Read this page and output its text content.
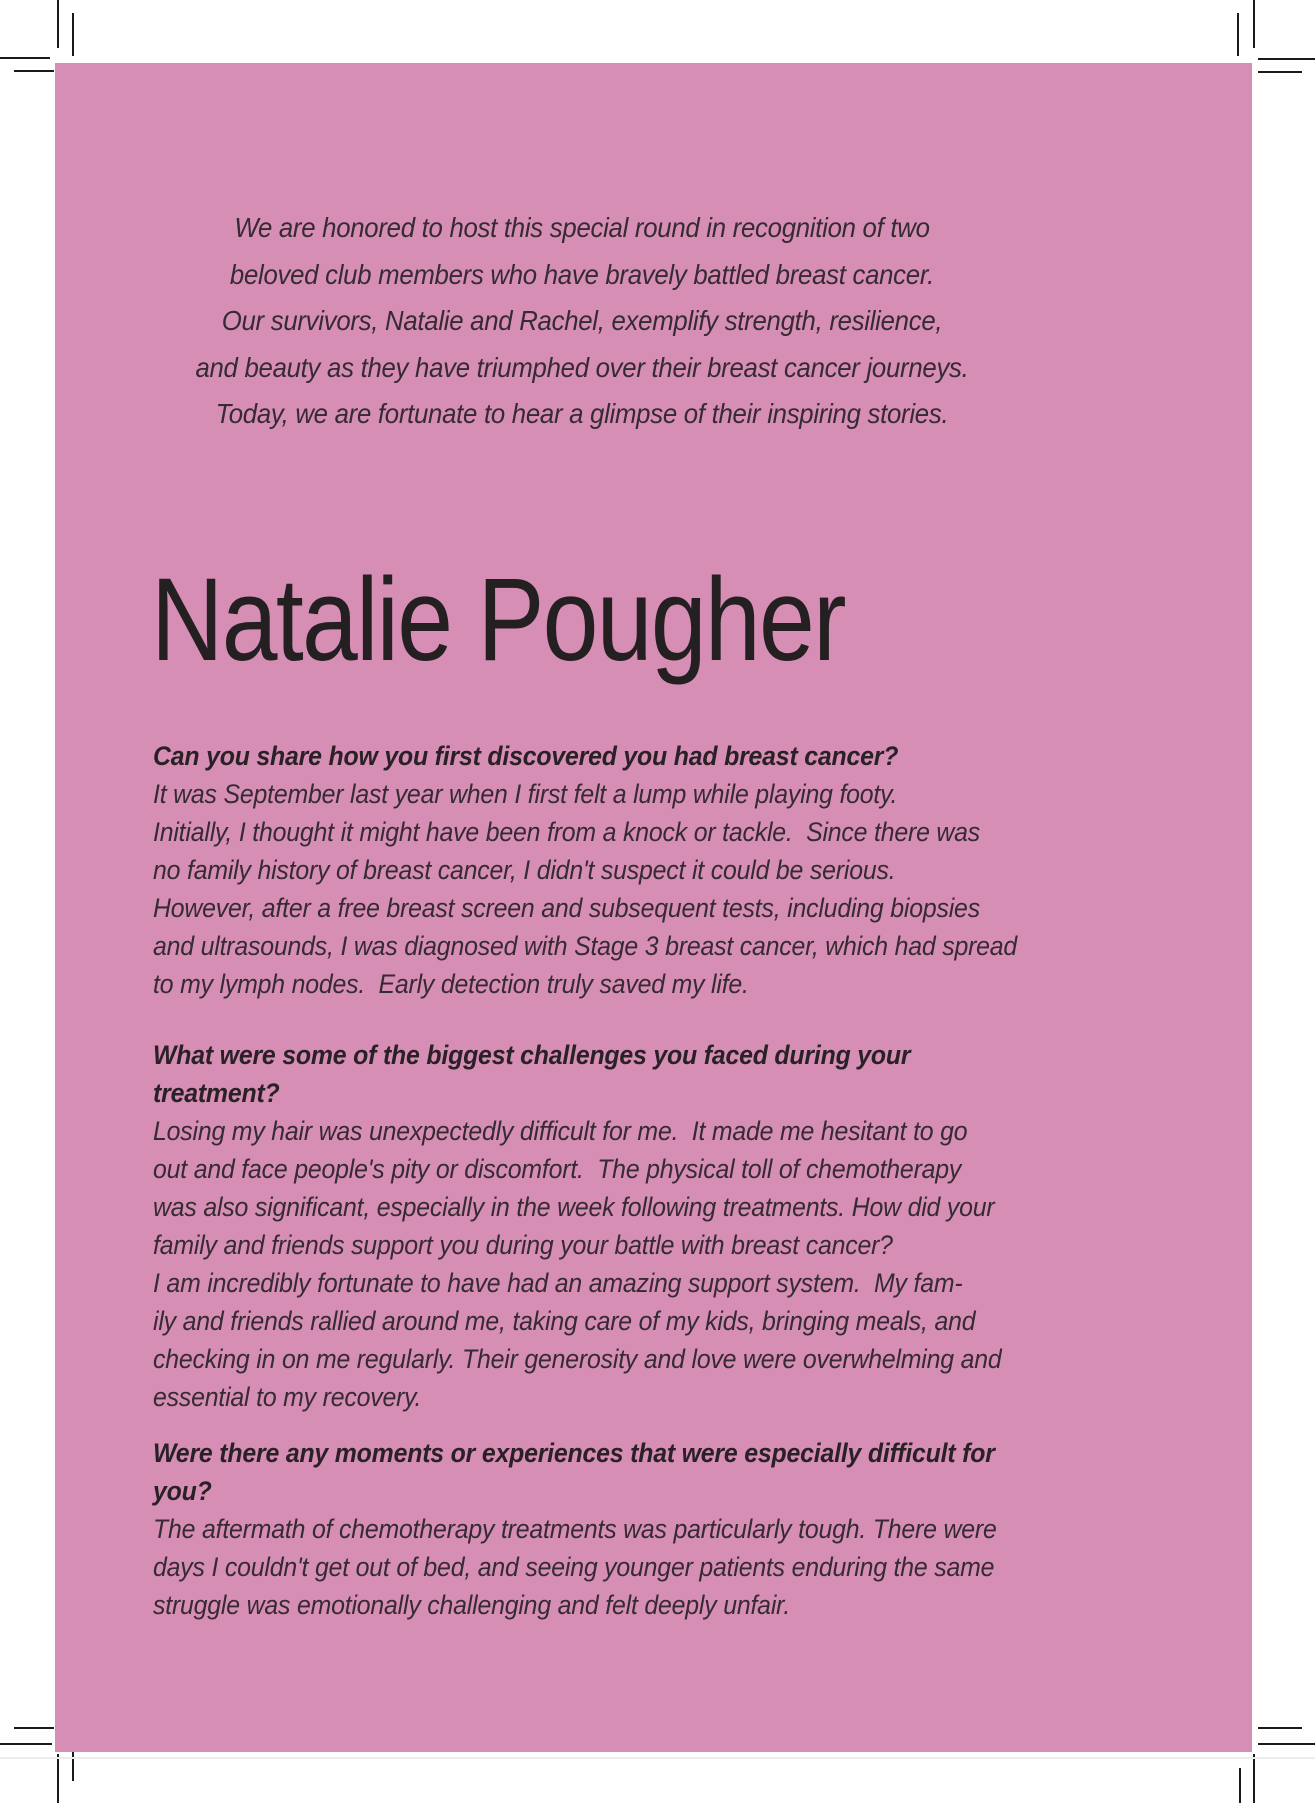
We are honored to host this special round in recognition of two
beloved club members who have bravely battled breast cancer.
Our survivors, Natalie and Rachel, exemplify strength, resilience,
and beauty as they have triumphed over their breast cancer journeys.
Today, we are fortunate to hear a glimpse of their inspiring stories.
Natalie Pougher
Can you share how you first discovered you had breast cancer?
It was September last year when I first felt a lump while playing footy.
Initially, I thought it might have been from a knock or tackle.  Since there was
no family history of breast cancer, I didn't suspect it could be serious.
However, after a free breast screen and subsequent tests, including biopsies
and ultrasounds, I was diagnosed with Stage 3 breast cancer, which had spread
to my lymph nodes.  Early detection truly saved my life.
What were some of the biggest challenges you faced during your
treatment?
Losing my hair was unexpectedly difficult for me.  It made me hesitant to go
out and face people's pity or discomfort.  The physical toll of chemotherapy
was also significant, especially in the week following treatments. How did your
family and friends support you during your battle with breast cancer?
I am incredibly fortunate to have had an amazing support system.  My fam-
ily and friends rallied around me, taking care of my kids, bringing meals, and
checking in on me regularly. Their generosity and love were overwhelming and
essential to my recovery.
Were there any moments or experiences that were especially difficult for
you?
The aftermath of chemotherapy treatments was particularly tough. There were
days I couldn't get out of bed, and seeing younger patients enduring the same
struggle was emotionally challenging and felt deeply unfair.
